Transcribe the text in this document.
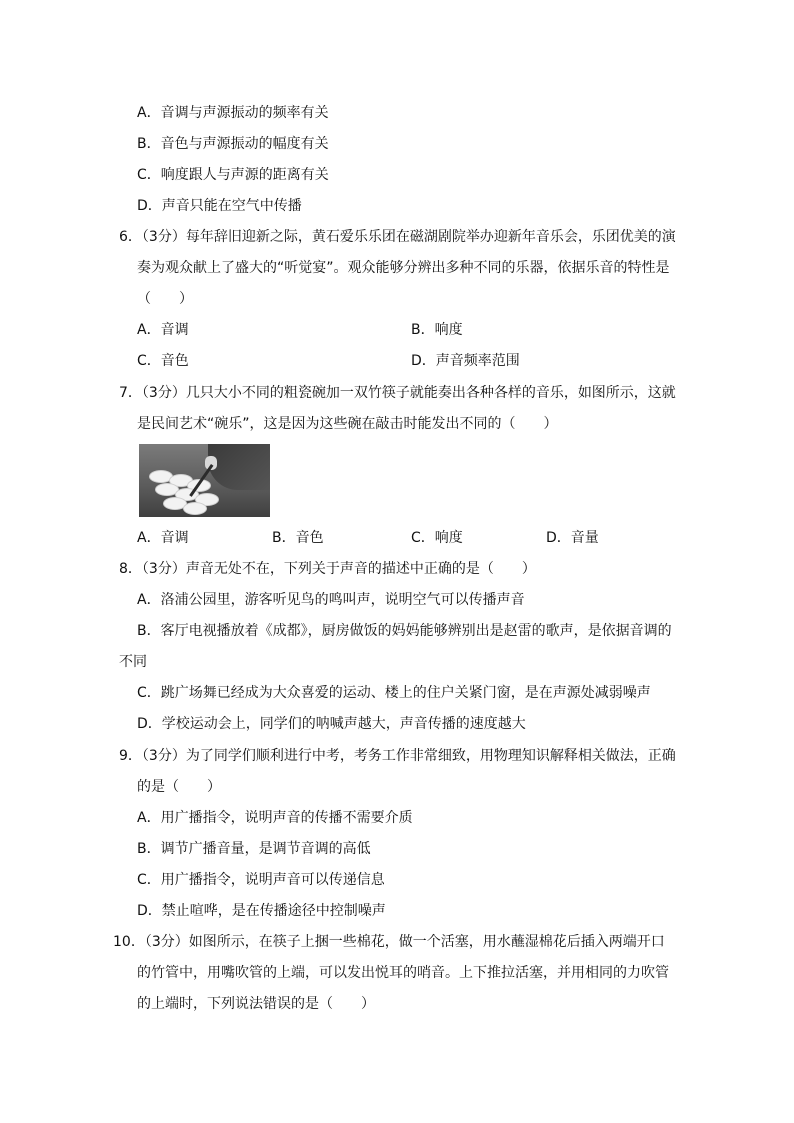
A．音调与声源振动的频率有关
B．音色与声源振动的幅度有关
C．响度跟人与声源的距离有关
D．声音只能在空气中传播
6．（3分）每年辞旧迎新之际，黄石爱乐乐团在磁湖剧院举办迎新年音乐会，乐团优美的演
奏为观众献上了盛大的“听觉宴”。观众能够分辨出多种不同的乐器，依据乐音的特性是
（　　）
A．音调	B．响度
C．音色	D．声音频率范围
7．（3分）几只大小不同的粗瓷碗加一双竹筷子就能奏出各种各样的音乐，如图所示，这就
是民间艺术“碗乐”，这是因为这些碗在敲击时能发出不同的（　　）
A．音调	B．音色	C．响度	D．音量
8．（3分）声音无处不在，下列关于声音的描述中正确的是（　　）
A．洛浦公园里，游客听见鸟的鸣叫声，说明空气可以传播声音
B．客厅电视播放着《成都》，厨房做饭的妈妈能够辨别出是赵雷的歌声，是依据音调的
不同
C．跳广场舞已经成为大众喜爱的运动、楼上的住户关紧门窗，是在声源处减弱噪声
D．学校运动会上，同学们的呐喊声越大，声音传播的速度越大
9．（3分）为了同学们顺利进行中考，考务工作非常细致，用物理知识解释相关做法，正确
的是（　　）
A．用广播指令，说明声音的传播不需要介质
B．调节广播音量，是调节音调的高低
C．用广播指令，说明声音可以传递信息
D．禁止喧哗，是在传播途径中控制噪声
10．（3分）如图所示，在筷子上捆一些棉花，做一个活塞，用水蘸湿棉花后插入两端开口
的竹管中，用嘴吹管的上端，可以发出悦耳的哨音。上下推拉活塞，并用相同的力吹管
的上端时，下列说法错误的是（　　）
